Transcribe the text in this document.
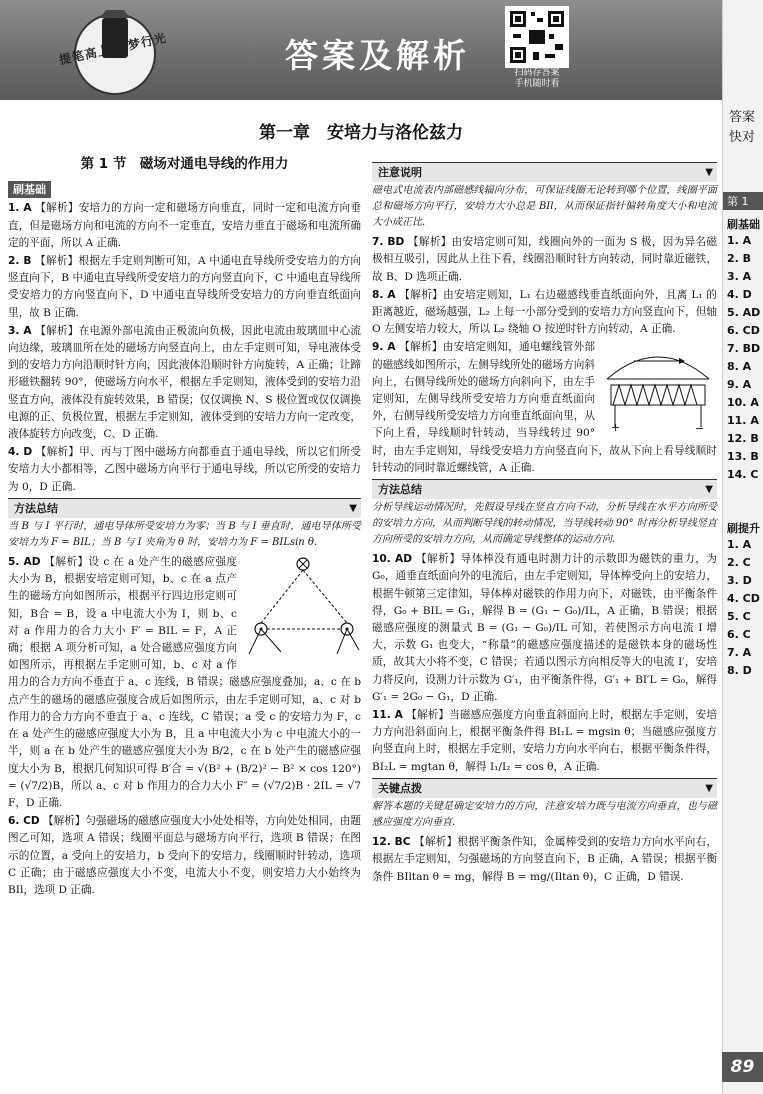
提笔高上·有梦行光	答案及解析	扫码存答案
手机随时看
答案
快对
第 1
刷基础
1. A
2. B
3. A
4. D
5. AD
6. CD
7. BD
8. A
9. A
10. A
11. A
12. B
13. B
14. C
刷提升
1. A
2. C
3. D
4. CD
5. C
6. C
7. A
8. D
89
第一章　安培力与洛伦兹力
第 1 节　磁场对通电导线的作用力
刷基础
1. A 【解析】安培力的方向一定和磁场方向垂直，同时一定和电流方向垂直，但是磁场方向和电流的方向不一定垂直，安培力垂直于磁场和电流所确定的平面，所以 A 正确.
2. B 【解析】根据左手定则判断可知，A 中通电直导线所受安培力的方向竖直向下，B 中通电直导线所受安培力的方向竖直向下，C 中通电直导线所受安培力的方向竖直向下，D 中通电直导线所受安培力的方向垂直纸面向里，故 B 正确.
3. A 【解析】在电源外部电流由正极流向负极，因此电流由玻璃皿中心流向边缘，玻璃皿所在处的磁场方向竖直向上，由左手定则可知，导电液体受到的安培力方向沿顺时针方向，因此液体沿顺时针方向旋转，A 正确；让蹄形磁铁翻转 90°，使磁场方向水平，根据左手定则知，液体受到的安培力沿竖直方向，液体没有旋转效果，B 错误；仅仅调换 N、S 极位置或仅仅调换电源的正、负极位置，根据左手定则知，液体受到的安培力方向一定改变，液体旋转方向改变，C、D 正确.
4. D 【解析】甲、丙与丁图中磁场方向都垂直于通电导线，所以它们所受安培力大小都相等，乙图中磁场方向平行于通电导线，所以它所受的安培力为 0，D 正确.
方法总结 ▼
当 B 与 I 平行时，通电导体所受安培力为零；当 B 与 I 垂直时，通电导体所受安培力为 F = BIL；当 B 与 I 夹角为 θ 时，安培力为 F = BILsin θ.
5. AD 【解析】设 c 在 a 处产生的磁感应强度大小为 B，根据安培定则可知，b、c 在 a 点产生的磁场方向如图所示，根据平行四边形定则可知，B合 = B，设 a 中电流大小为 I，则 b、c 对 a 作用力的合力大小 F′ = BIL = F，A 正确；根据 A 项分析可知，a 处合磁感应强度方向如图所示，再根据左手定则可知，b、c 对 a 作用力的合力方向不垂直于 a、c 连线，B 错误；磁感应强度叠加，a、c 在 b 点产生的磁场的磁感应强度合成后如图所示，由左手定则可知，a、c 对 b 作用力的合力方向不垂直于 a、c 连线，C 错误；a 受 c 的安培力为 F，c 在 a 处产生的磁感应强度大小为 B，且 a 中电流大小为 c 中电流大小的一半，则 a 在 b 处产生的磁感应强度大小为 B/2，c 在 b 处产生的磁感应强度大小为 B，根据几何知识可得 B′合 = √(B² + (B/2)² − B² × cos 120°) = (√7/2)B，所以 a、c 对 b 作用力的合力大小 F″ = (√7/2)B · 2IL = √7 F，D 正确.
6. CD 【解析】匀强磁场的磁感应强度大小处处相等，方向处处相同，由题图乙可知，选项 A 错误；线圈平面总与磁场方向平行，选项 B 错误；在图示的位置，a 受向上的安培力，b 受向下的安培力，线圈顺时针转动，选项 C 正确；由于磁感应强度大小不变，电流大小不变，则安培力大小始终为 BIl，选项 D 正确.
注意说明 ▼
磁电式电流表内部磁感线辐向分布，可保证线圈无论转到哪个位置，线圈平面总和磁场方向平行，安培力大小总是 BIl，从而保证指针偏转角度大小和电流大小成正比.
7. BD 【解析】由安培定则可知，线圈向外的一面为 S 极，因为异名磁极相互吸引，因此从上往下看，线圈沿顺时针方向转动，同时靠近磁铁，故 B、D 选项正确.
8. A 【解析】由安培定则知，L₁ 右边磁感线垂直纸面向外，且离 L₁ 的距离越近，磁场越强，L₂ 上每一小部分受到的安培力方向竖直向下，但轴 O 左侧安培力较大，所以 L₂ 绕轴 O 按逆时针方向转动，A 正确.
+	−
9. A 【解析】由安培定则知，通电螺线管外部的磁感线如图所示，左侧导线所处的磁场方向斜向上，右侧导线所处的磁场方向斜向下，由左手定则知，左侧导线所受安培力方向垂直纸面向外，右侧导线所受安培力方向垂直纸面向里，从下向上看，导线顺时针转动，当导线转过 90° 时，由左手定则知，导线受安培力方向竖直向下，故从下向上看导线顺时针转动的同时靠近螺线管，A 正确.
方法总结 ▼
分析导线运动情况时，先假设导线在竖直方向不动，分析导线在水平方向所受的安培力方向，从而判断导线的转动情况，当导线转动 90° 时再分析导线竖直方向所受的安培力方向，从而确定导线整体的运动方向.
10. AD 【解析】导体棒没有通电时测力计的示数即为磁铁的重力，为 G₀，通垂直纸面向外的电流后，由左手定则知，导体棒受向上的安培力，根据牛顿第三定律知，导体棒对磁铁的作用力向下，对磁铁，由平衡条件得，G₀ + BIL = G₁，解得 B = (G₁ − G₀)/IL，A 正确，B 错误；根据磁感应强度的测量式 B = (G₁ − G₀)/IL 可知，若使图示方向电流 I 增大，示数 G₁ 也变大，“称量”的磁感应强度描述的是磁铁本身的磁场性质，故其大小将不变，C 错误；若通以图示方向相反等大的电流 I′，安培力将反向，设测力计示数为 G′₁，由平衡条件得，G′₁ + BI′L = G₀，解得 G′₁ = 2G₀ − G₁，D 正确.
11. A 【解析】当磁感应强度方向垂直斜面向上时，根据左手定则，安培力方向沿斜面向上，根据平衡条件得 BI₁L = mgsin θ；当磁感应强度方向竖直向上时，根据左手定则，安培力方向水平向右，根据平衡条件得，BI₂L = mgtan θ，解得 I₁/I₂ = cos θ，A 正确.
关键点拨 ▼
解答本题的关键是确定安培力的方向，注意安培力既与电流方向垂直，也与磁感应强度方向垂直.
12. BC 【解析】根据平衡条件知，金属棒受到的安培力方向水平向右，根据左手定则知，匀强磁场的方向竖直向下，B 正确，A 错误；根据平衡条件 BIltan θ = mg，解得 B = mg/(Iltan θ)，C 正确，D 错误.
